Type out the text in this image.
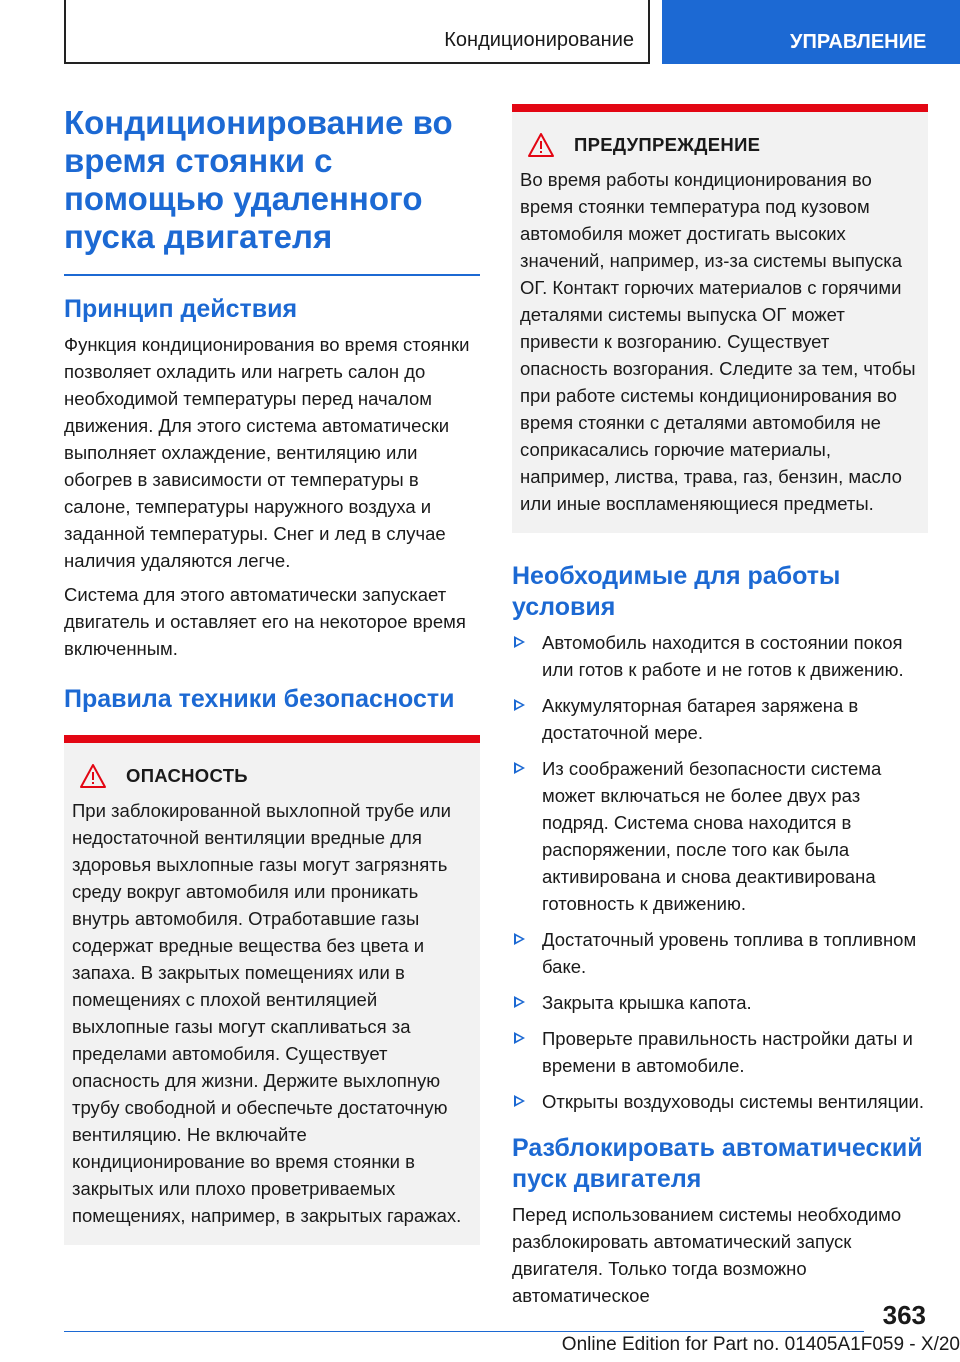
Кондиционирование	УПРАВЛЕНИЕ
Кондиционирование во время стоянки с помощью удаленного пуска двигателя
Принцип действия

Функция кондиционирования во время стоянки позволяет охладить или нагреть салон до необходимой температуры перед началом движения. Для этого система автоматически выполняет охлаждение, вентиляцию или обогрев в зависимости от температуры в салоне, температуры наружного воздуха и заданной температуры. Снег и лед в случае наличия удаляются легче.

Система для этого автоматически запускает двигатель и оставляет его на некоторое время включенным.

Правила техники безопасности
ОПАСНОСТЬ

При заблокированной выхлопной трубе или недостаточной вентиляции вредные для здоровья выхлопные газы могут загрязнять среду вокруг автомобиля или проникать внутрь автомобиля. Отработавшие газы содержат вредные вещества без цвета и запаха. В закрытых помещениях или в помещениях с плохой вентиляцией выхлопные газы могут скапливаться за пределами автомобиля. Существует опасность для жизни. Держите выхлопную трубу свободной и обеспечьте достаточную вентиляцию. Не включайте кондиционирование во время стоянки в закрытых или плохо проветриваемых помещениях, например, в закрытых гаражах.

ПРЕДУПРЕЖДЕНИЕ

Во время работы кондиционирования во время стоянки температура под кузовом автомобиля может достигать высоких значений, например, из-за системы выпуска ОГ. Контакт горючих материалов с горячими деталями системы выпуска ОГ может привести к возгоранию. Существует опасность возгорания. Следите за тем, чтобы при работе системы кондиционирования во время стоянки с деталями автомобиля не соприкасались горючие материалы, например, листва, трава, газ, бензин, масло или иные воспламеняющиеся предметы.

Необходимые для работы условия
Автомобиль находится в состоянии покоя или готов к работе и не готов к движению.
Аккумуляторная батарея заряжена в достаточной мере.
Из соображений безопасности система может включаться не более двух раз подряд. Система снова находится в распоряжении, после того как была активирована и снова деактивирована готовность к движению.
Достаточный уровень топлива в топливном баке.
Закрыта крышка капота.
Проверьте правильность настройки даты и времени в автомобиле.
Открыты воздуховоды системы вентиляции.
Разблокировать автоматический пуск двигателя

Перед использованием системы необходимо разблокировать автоматический запуск двигателя. Только тогда возможно автоматическое

363
Online Edition for Part no. 01405A1F059 - X/20
